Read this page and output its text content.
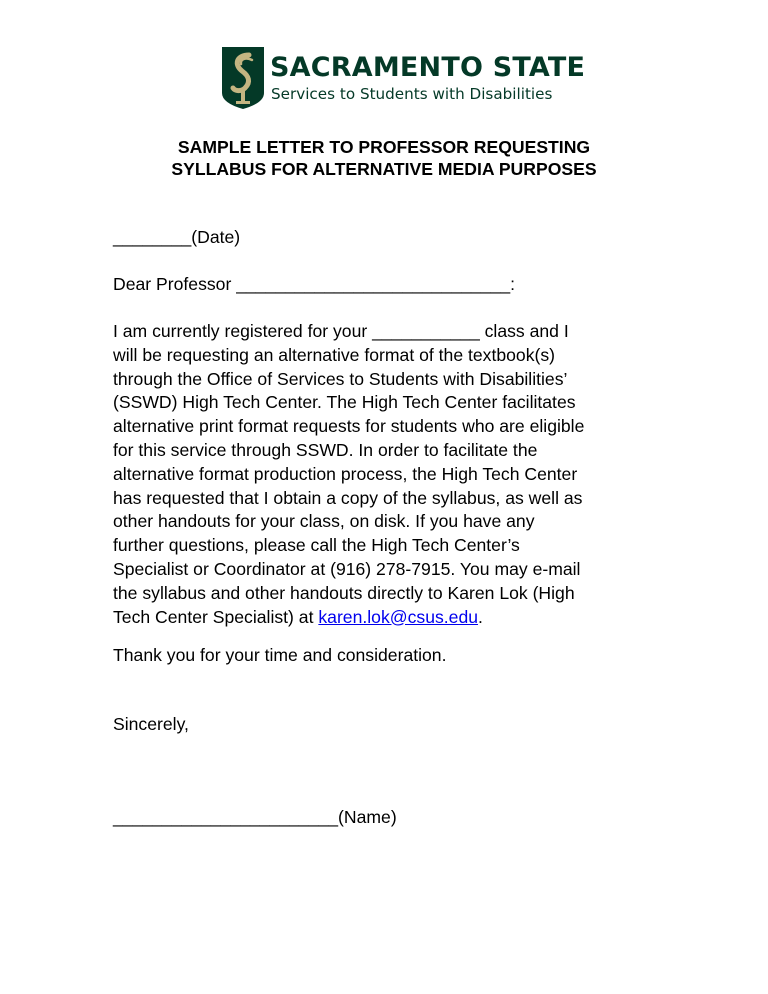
SACRAMENTO STATE
Services to Students with Disabilities
SAMPLE LETTER TO PROFESSOR REQUESTING
SYLLABUS FOR ALTERNATIVE MEDIA PURPOSES
________(Date)
Dear Professor ____________________________:
I am currently registered for your ___________ class and I
will be requesting an alternative format of the textbook(s)
through the Office of Services to Students with Disabilities’
(SSWD) High Tech Center. The High Tech Center facilitates
alternative print format requests for students who are eligible
for this service through SSWD. In order to facilitate the
alternative format production process, the High Tech Center
has requested that I obtain a copy of the syllabus, as well as
other handouts for your class, on disk. If you have any
further questions, please call the High Tech Center’s
Specialist or Coordinator at (916) 278-7915. You may e-mail
the syllabus and other handouts directly to Karen Lok (High
Tech Center Specialist) at karen.lok@csus.edu.
Thank you for your time and consideration.
Sincerely,
_______________________(Name)
